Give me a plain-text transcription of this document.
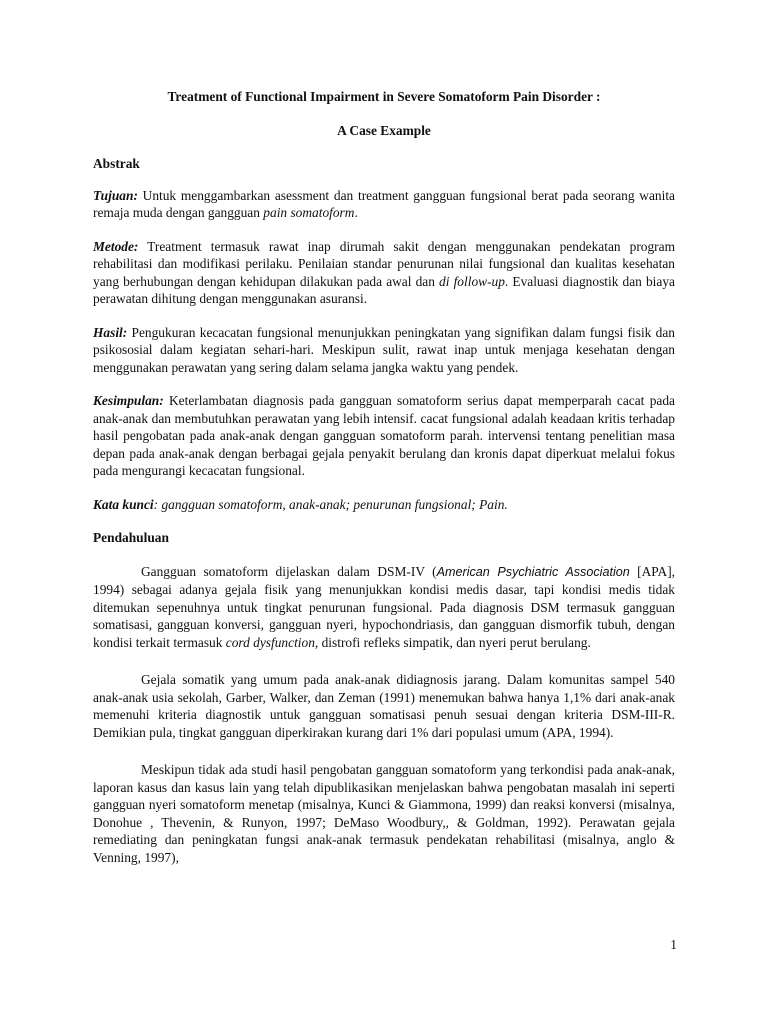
Treatment of Functional Impairment in Severe Somatoform Pain Disorder :

A Case Example

Abstrak

Tujuan: Untuk menggambarkan asessment dan treatment gangguan fungsional berat pada seorang wanita remaja muda dengan gangguan pain somatoform.

Metode: Treatment termasuk rawat inap dirumah sakit dengan menggunakan pendekatan program rehabilitasi dan modifikasi perilaku. Penilaian standar penurunan nilai fungsional dan kualitas kesehatan yang berhubungan dengan kehidupan dilakukan pada awal dan di follow-up. Evaluasi diagnostik dan biaya perawatan dihitung dengan menggunakan asuransi.

Hasil: Pengukuran kecacatan fungsional menunjukkan peningkatan yang signifikan dalam fungsi fisik dan psikososial dalam kegiatan sehari-hari. Meskipun sulit, rawat inap untuk menjaga kesehatan dengan menggunakan perawatan yang sering dalam selama jangka waktu yang pendek.

Kesimpulan: Keterlambatan diagnosis pada gangguan somatoform serius dapat memperparah cacat pada anak-anak dan membutuhkan perawatan yang lebih intensif. cacat fungsional adalah keadaan kritis terhadap hasil pengobatan pada anak-anak dengan gangguan somatoform parah. intervensi tentang penelitian masa depan pada anak-anak dengan berbagai gejala penyakit berulang dan kronis dapat diperkuat melalui fokus pada mengurangi kecacatan fungsional.

Kata kunci: gangguan somatoform, anak-anak; penurunan fungsional; Pain.

Pendahuluan

Gangguan somatoform dijelaskan dalam DSM-IV (American Psychiatric Association [APA], 1994) sebagai adanya gejala fisik yang menunjukkan kondisi medis dasar, tapi kondisi medis tidak ditemukan sepenuhnya untuk tingkat penurunan fungsional. Pada diagnosis DSM termasuk gangguan somatisasi, gangguan konversi, gangguan nyeri, hypochondriasis, dan gangguan dismorfik tubuh, dengan kondisi terkait termasuk cord dysfunction, distrofi refleks simpatik, dan nyeri perut berulang.

Gejala somatik yang umum pada anak-anak didiagnosis jarang. Dalam komunitas sampel 540 anak-anak usia sekolah, Garber, Walker, dan Zeman (1991) menemukan bahwa hanya 1,1% dari anak-anak memenuhi kriteria diagnostik untuk gangguan somatisasi penuh sesuai dengan kriteria DSM-III-R. Demikian pula, tingkat gangguan diperkirakan kurang dari 1% dari populasi umum (APA, 1994).

Meskipun tidak ada studi hasil pengobatan gangguan somatoform yang terkondisi pada anak-anak, laporan kasus dan kasus lain yang telah dipublikasikan menjelaskan bahwa pengobatan masalah ini seperti gangguan nyeri somatoform menetap (misalnya, Kunci & Giammona, 1999) dan reaksi konversi (misalnya, Donohue , Thevenin, & Runyon, 1997; DeMaso Woodbury,, & Goldman, 1992). Perawatan gejala remediating dan peningkatan fungsi anak-anak termasuk pendekatan rehabilitasi (misalnya, anglo & Venning, 1997),

1
